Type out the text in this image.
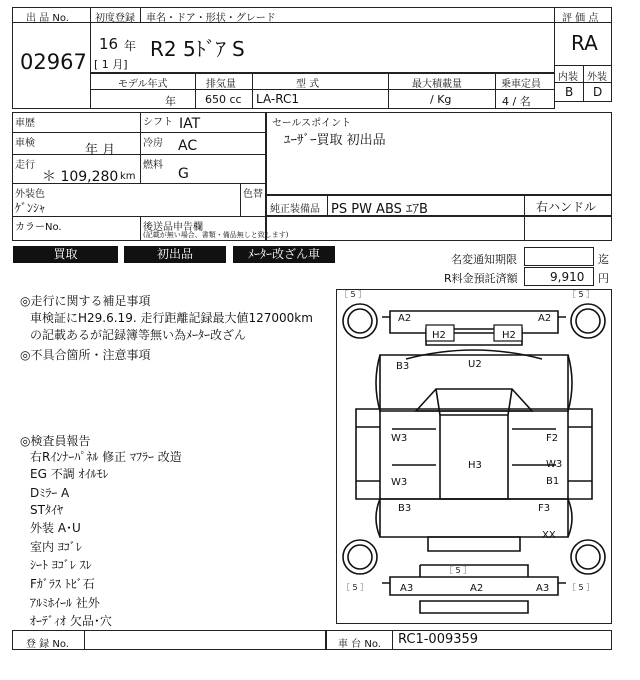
出 品 No.
02967
初度登録 車名・ドア・形状・グレード
16 年
[ 1 月]
R2 5ﾄﾞｱ S
評 価 点
RA
内装 外装
B D
モデル年式	排気量	型 式	最大積載量	乗車定員
年	650 cc LA-RC1	/ Kg	4 / 名
車歴	シフト IAT
車検	年 月	冷房 AC
走行
＊ 109,280 km
燃料
G
外装色
ｹﾞﾝｼｬ
色替
カラーNo.	後送品申告欄
(記載が無い場合、書類・備品無しと致します)
セールスポイント
ﾕｰｻﾞｰ買取 初出品
純正装備品 PS PW ABS ｴｱB	右ハンドル
買取	初出品	ﾒｰﾀｰ改ざん車	名変通知期限	迄
R料金預託済額	9,910 円
◎走行に関する補足事項
車検証にH29.6.19. 走行距離記録最大値127000km
の記載あるが記録簿等無い為ﾒｰﾀｰ改ざん
◎不具合箇所・注意事項
◎検査員報告
右Rｲﾝﾅｰﾊﾟﾈﾙ 修正 ﾏﾌﾗｰ 改造
EG 不調 ｵｲﾙﾓﾚ
Dﾐﾗｰ A
STﾀｲﾔ
外装 A･U
室内 ﾖｺﾞﾚ
ｼｰﾄ ﾖｺﾞﾚ ｽﾚ
Fｶﾞﾗｽ ﾄﾋﾞ石
ｱﾙﾐﾎｲｰﾙ 社外
ｵｰﾃﾞｨｵ 欠品･穴
［ 5 ］	［ 5 ］
［ 5 ］	［ 5 ］
［ 5 ］
A2	A2
H2	H2
B3	U2
W3	F2
W3
H3
B1
W3
B3	F3
XX
A3	A2	A3
登 録 No.	車 台 No. RC1-009359
